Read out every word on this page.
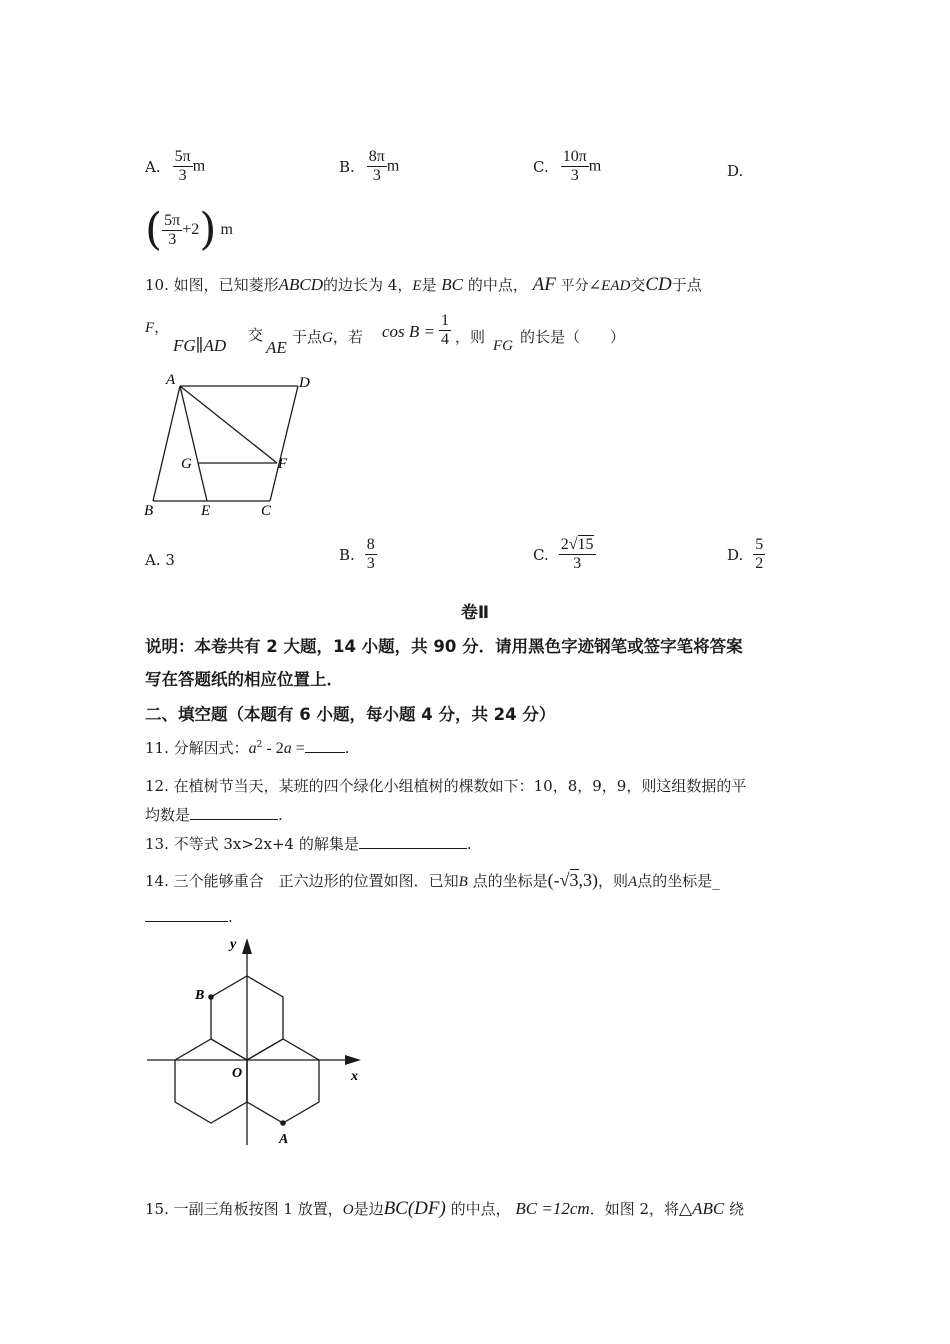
A. $\frac{5\pi}{3}$ m	B. $\frac{8\pi}{3}$ m	C. $\frac{10\pi}{3}$ m	D.
( $\frac{5\pi}{3} +2$) m
10. 如图，已知菱形ABCD的边长为 4，E是 BC 的中点， AF 平分∠EAD交CD于点
F，
FG∥AD
交
AE
于点G，若 $\cos B = \frac{1}{4}$ ，则 FG 的长是（　　）
A	D
G	F
B	E	C
A. 3	B. $\frac{8}{3}$	C. $\frac{2√15}{3}$	D. $\frac{5}{2}$
卷Ⅱ
说明：本卷共有 2 大题，14 小题，共 90 分．请用黑色字迹钢笔或签字笔将答案
写在答题纸的相应位置上．
二、填空题（本题有 6 小题，每小题 4 分，共 24 分）
11. 分解因式：$a^2 - 2a$ =	.
12. 在植树节当天，某班的四个绿化小组植树的棵数如下：10，8，9，9，则这组数据的平
均数是	.
13. 不等式 3x>2x+4 的解集是	.
14. 三个能够重合　正六边形的位置如图．已知B 点的坐标是(-√3,3)，则A点的坐标是_
.
y
x
O
B
A
15. 一副三角板按图 1 放置，O是边BC(DF) 的中点， BC =12cm．如图 2，将△ABC 绕
